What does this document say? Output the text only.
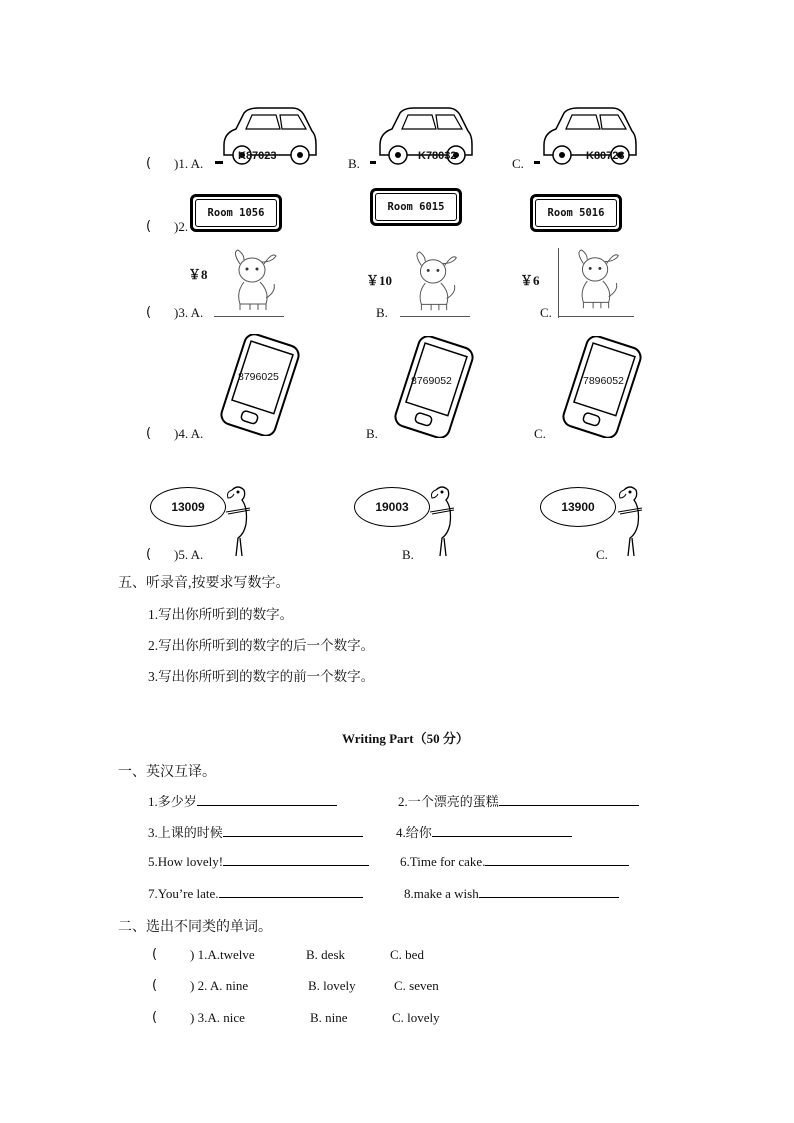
( )1. A.	K87023	B.	K78032	C.	K80723
( )2.
Room 1056	Room 6015	Room 5016
￥8	￥10	￥6
( )3. A.	B.	C.
8796025	8769052	7896052
( )4. A.	B.	C.
13009	19003	13900
( )5. A.	B.	C.
五、听录音,按要求写数字。
1.写出你所听到的数字。
2.写出你所听到的数字的后一个数字。
3.写出你所听到的数字的前一个数字。
Writing Part（50 分）
一、英汉互译。
1.多少岁	2.一个漂亮的蛋糕
3.上课的时候	4.给你
5.How lovely!	6.Time for cake.
7.You’re late.	8.make a wish
二、选出不同类的单词。
(	) 1.A.twelve	B. desk	C. bed
(	) 2. A. nine	B. lovely	C. seven
(	) 3.A. nice	B. nine	C. lovely
